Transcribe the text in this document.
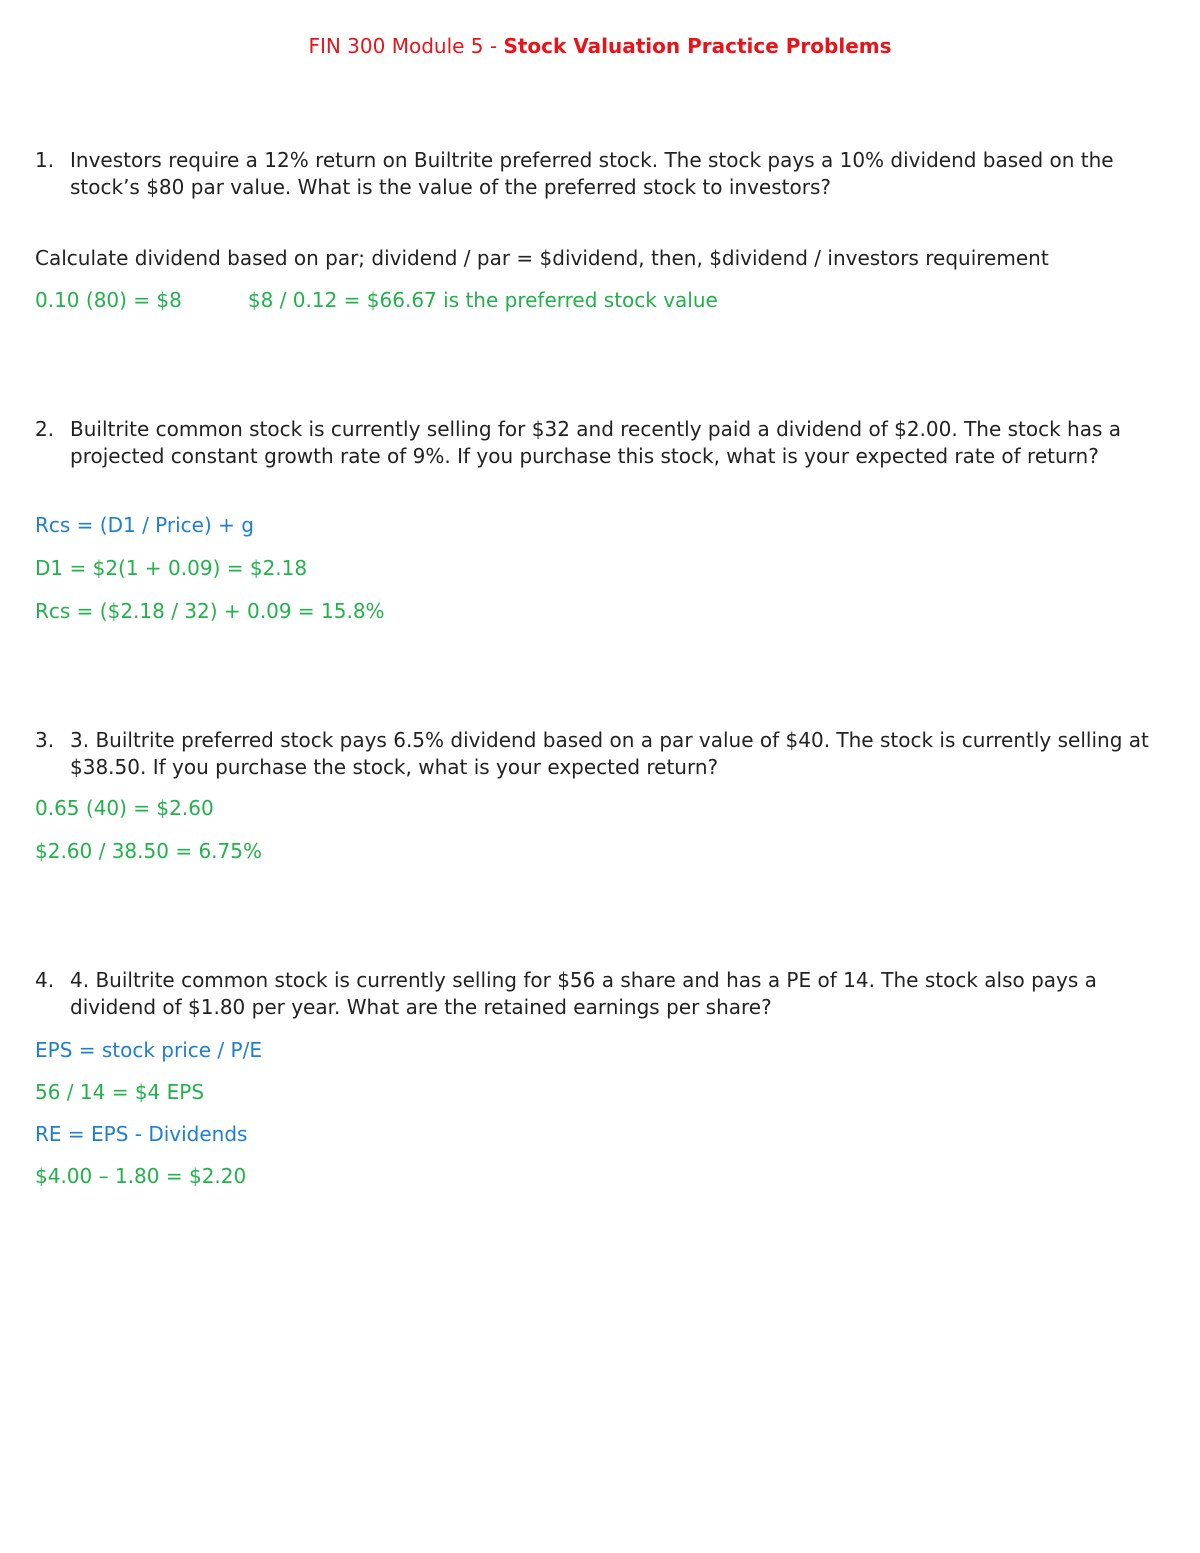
FIN 300 Module 5 - Stock Valuation Practice Problems
1. Investors require a 12% return on Builtrite preferred stock. The stock pays a 10% dividend based on the stock’s $80 par value. What is the value of the preferred stock to investors?
Calculate dividend based on par; dividend / par = $dividend, then, $dividend / investors requirement
0.10 (80) = $8	$8 / 0.12 = $66.67 is the preferred stock value
2. Builtrite common stock is currently selling for $32 and recently paid a dividend of $2.00. The stock has a projected constant growth rate of 9%. If you purchase this stock, what is your expected rate of return?
Rcs = (D1 / Price) + g
D1 = $2(1 + 0.09) = $2.18
Rcs = ($2.18 / 32) + 0.09 = 15.8%
3. 3. Builtrite preferred stock pays 6.5% dividend based on a par value of $40. The stock is currently selling at $38.50. If you purchase the stock, what is your expected return?
0.65 (40) = $2.60
$2.60 / 38.50 = 6.75%
4. 4. Builtrite common stock is currently selling for $56 a share and has a PE of 14. The stock also pays a dividend of $1.80 per year. What are the retained earnings per share?
EPS = stock price / P/E
56 / 14 = $4 EPS
RE = EPS - Dividends
$4.00 – 1.80 = $2.20
